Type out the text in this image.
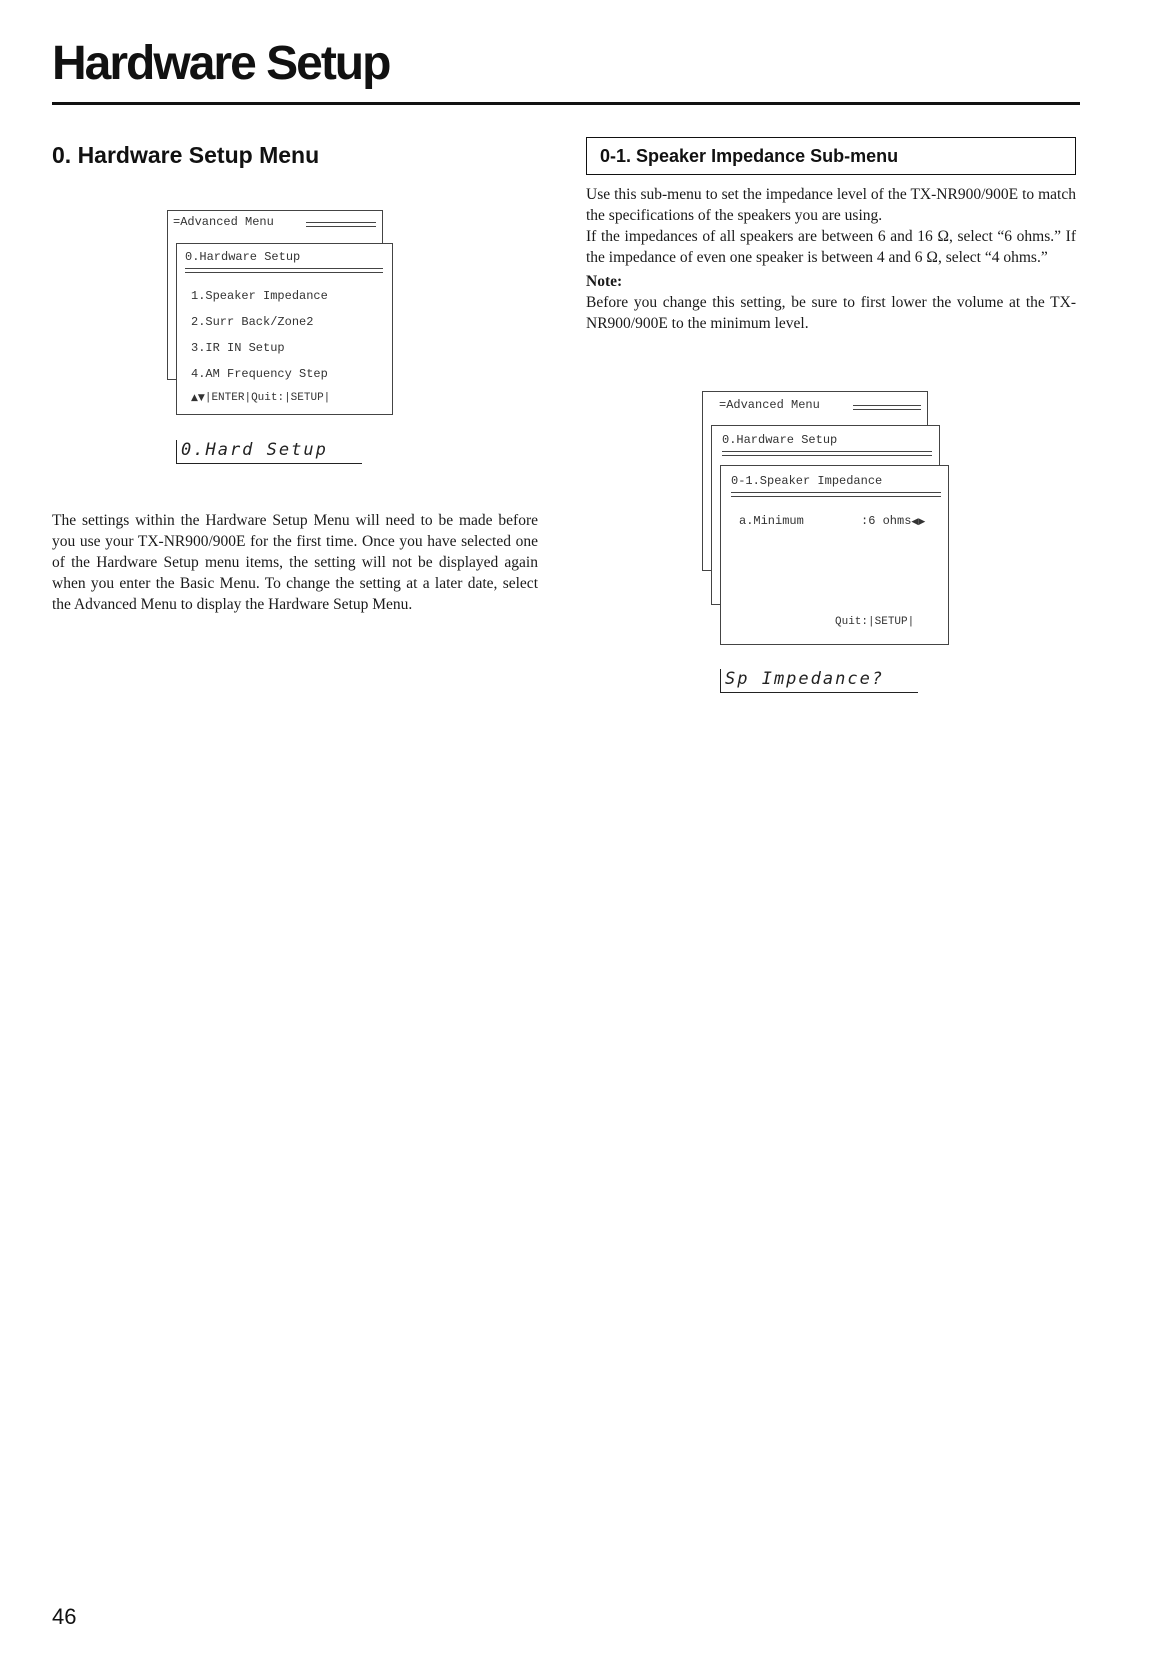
Hardware Setup
0. Hardware Setup Menu
=Advanced Menu
0.Hardware Setup
1.Speaker Impedance
2.Surr Back/Zone2
3.IR IN Setup
4.AM Frequency Step
▲▼|ENTER|Quit:|SETUP|
0.Hard Setup

The settings within the Hardware Setup Menu will need to be made before you use your TX-NR900/900E for the first time. Once you have selected one of the Hardware Setup menu items, the setting will not be displayed again when you enter the Basic Menu. To change the setting at a later date, select the Advanced Menu to display the Hardware Setup Menu.

0-1. Speaker Impedance Sub-menu
Use this sub-menu to set the impedance level of the TX-NR900/900E to match the specifications of the speakers you are using.
If the impedances of all speakers are between 6 and 16 Ω, select “6 ohms.” If the impedance of even one speaker is between 4 and 6 Ω, select “4 ohms.”
Note:
Before you change this setting, be sure to first lower the volume at the TX-NR900/900E to the minimum level.
=Advanced Menu
0.Hardware Setup
0-1.Speaker Impedance
a.Minimum	:6 ohms◀▶
Quit:|SETUP|
Sp Impedance?
46
